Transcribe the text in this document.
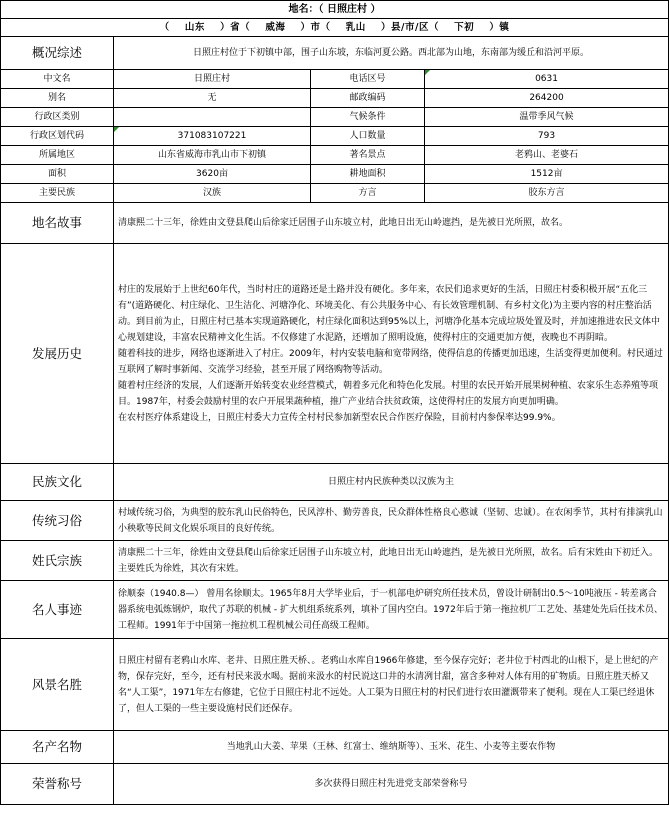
地名：（ 日照庄村 ）			
（    山东    ）省（    威海    ）市（    乳山    ）县/市/区（    下初    ）镇			
概况综述	日照庄村位于下初镇中部，围子山东坡，东临河夏公路。西北部为山地，东南部为缓丘和沿河平原。		
中文名	日照庄村	电话区号	0631
别名	无	邮政编码	264200
行政区类别		气候条件	温带季风气候
行政区划代码	371083107221	人口数量	793
所属地区	山东省威海市乳山市下初镇	著名景点	老鸦山、老婆石
面积	3620亩	耕地面积	1512亩
主要民族	汉族	方言	胶东方言
地名故事	清康熙二十三年，徐姓由文登县爬山后徐家迁居围子山东坡立村，此地日出无山岭遮挡，是先被日光所照，故名。		
发展历史	村庄的发展始于上世纪60年代，当时村庄的道路还是土路并没有硬化。多年来，农民们追求更好的生活，日照庄村委积极开展“五化三有”(道路硬化、村庄绿化、卫生洁化、河塘净化、环境美化、有公共服务中心、有长效管理机制、有乡村文化)为主要内容的村庄整治活动。到目前为止，日照庄村已基本实现道路硬化，村庄绿化面积达到95%以上，河塘净化基本完成垃圾处置及时，并加速推进农民文体中心规划建设，丰富农民精神文化生活。不仅修建了水泥路，还增加了照明设施，使得村庄的交通更加方便，夜晚也不再阴暗。
随着科技的进步，网络也逐渐进入了村庄。2009年，村内安装电脑和宽带网络，使得信息的传播更加迅速，生活变得更加便利。村民通过互联网了解时事新闻、交流学习经验，甚至开展了网络购物等活动。
随着村庄经济的发展，人们逐渐开始转变农业经营模式，朝着多元化和特色化发展。村里的农民开始开展果树种植、农家乐生态养殖等项目。1987年，村委会鼓励村里的农户开展果蔬种植，推广产业结合扶贫政策，这使得村庄的发展方向更加明确。
在农村医疗体系建设上，日照庄村委大力宣传全村村民参加新型农民合作医疗保险，目前村内参保率达99.9%。		

民族文化	日照庄村内民族种类以汉族为主		
传统习俗	村域传统习俗，为典型的胶东乳山民俗特色，民风淳朴、勤劳善良，民众群体性格良心憨诚（坚韧、忠诚）。在农闲季节，其村有排演乳山小秧歌等民间文化娱乐项目的良好传统。		
姓氏宗族	清康熙二十三年，徐姓由文登县爬山后徐家迁居围子山东坡立村，此地日出无山岭遮挡，是先被日光所照，故名。后有宋姓由下初迁入。主要姓氏为徐姓，其次有宋姓。		
名人事迹	徐顺泰（1940.8—） 曾用名徐顺太。1965年8月大学毕业后，于一机部电炉研究所任技术员，曾设计研制出0.5～10吨液压 - 转差离合器系统电弧炼钢炉，取代了苏联的机械 - 扩大机组系统系列，填补了国内空白。1972年后于第一拖拉机厂工艺处、基建处先后任技术员、工程师。1991年于中国第一拖拉机工程机械公司任高级工程师。		
风景名胜	日照庄村留有老鸦山水库、老井、日照庄胜天桥、。老鸦山水库自1966年修建，至今保存完好；老井位于村西北的山根下，是上世纪的产物，保存完好，至今，还有村民来汲水喝。据前来汲水的村民说这口井的水清冽甘甜，富含多种对人体有用的矿物质。日照庄胜天桥又名“人工渠”，1971年左右修建，它位于日照庄村北不远处。人工渠为日照庄村的村民们进行农田灌溉带来了便利。现在人工渠已经退休了，但人工渠的一些主要设施村民们还保存。		
名产名物	当地乳山大姜、苹果（王林、红富士、维纳斯等）、玉米、花生、小麦等主要农作物		
荣誉称号	多次获得日照庄村先进党支部荣誉称号		
